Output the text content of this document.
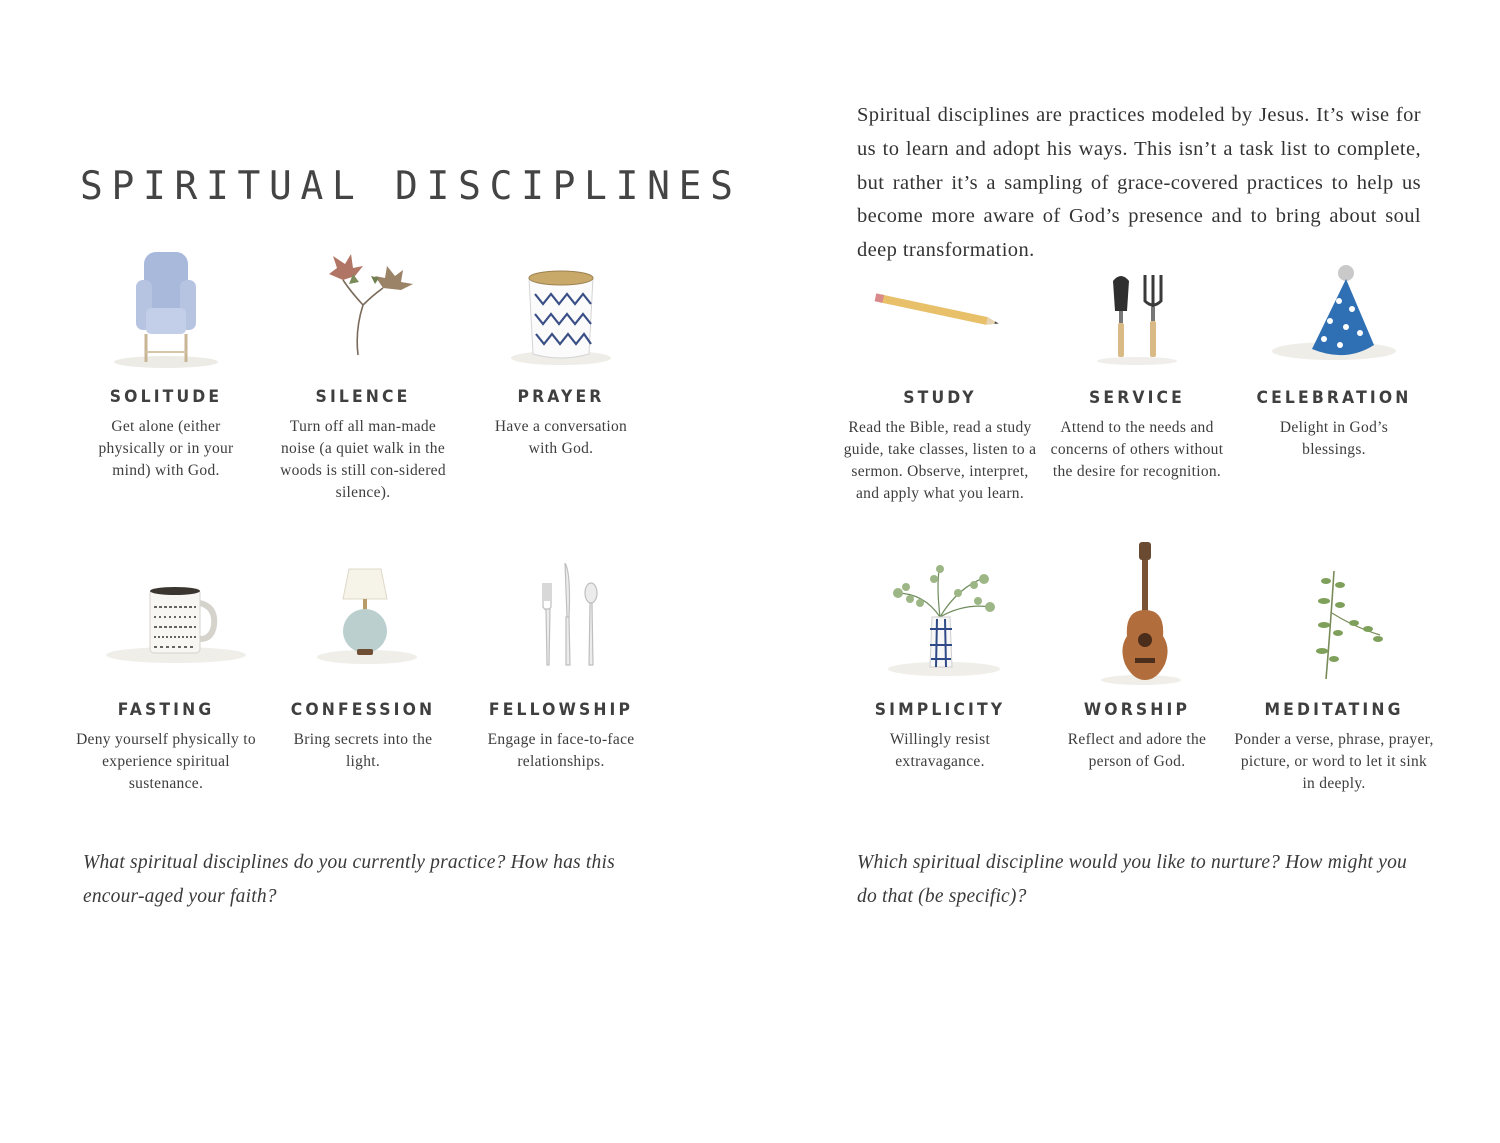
SPIRITUAL DISCIPLINES

Spiritual disciplines are practices modeled by Jesus. It’s wise for us to learn and adopt his ways. This isn’t a task list to complete, but rather it’s a sampling of grace-covered practices to help us become more aware of God’s presence and to bring about soul deep transformation.

SOLITUDE
Get alone (either physically or in your mind) with God.
SILENCE
Turn off all man-made noise (a quiet walk in the woods is still con-sidered silence).
PRAYER
Have a conversation with God.
STUDY
Read the Bible, read a study guide, take classes, listen to a sermon. Observe, interpret, and apply what you learn.
SERVICE
Attend to the needs and concerns of others without the desire for recognition.
CELEBRATION
Delight in God’s blessings.
FASTING
Deny yourself physically to experience spiritual sustenance.
CONFESSION
Bring secrets into the light.
FELLOWSHIP
Engage in face-to-face relationships.
SIMPLICITY
Willingly resist extravagance.
WORSHIP
Reflect and adore the person of God.
MEDITATING
Ponder a verse, phrase, prayer, picture, or word to let it sink in deeply.

What spiritual disciplines do you currently practice? How has this encour-aged your faith?

Which spiritual discipline would you like to nurture? How might you do that (be specific)?
